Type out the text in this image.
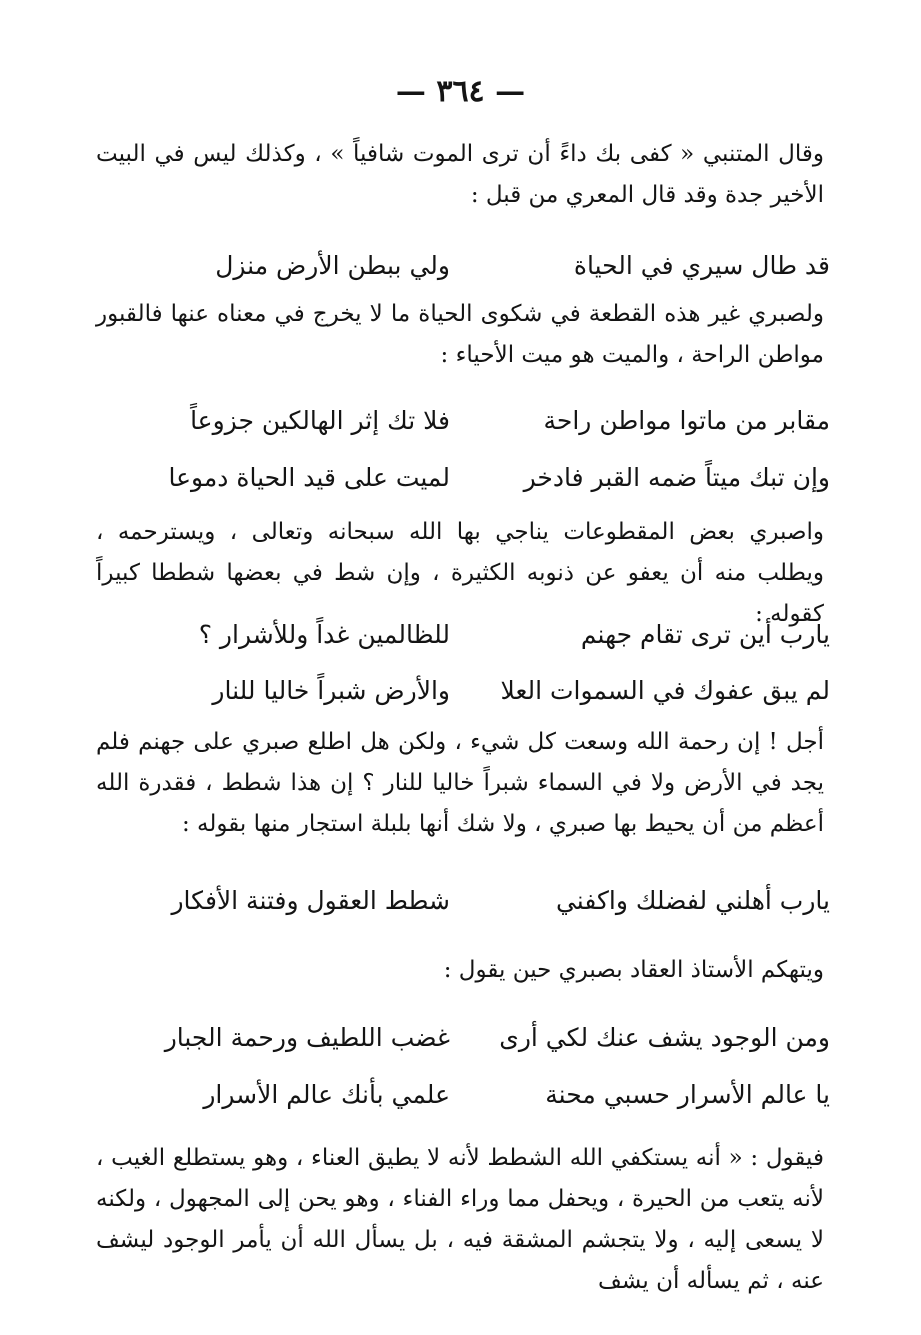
— ٣٦٤ —

وقال المتنبي « كفى بك داءً أن ترى الموت شافياً » ، وكذلك ليس في البيت الأخير جدة وقد قال المعري من قبل :

قد طال سيري في الحياة
ولي ببطن الأرض منزل

ولصبري غير هذه القطعة في شكوى الحياة ما لا يخرج في معناه عنها فالقبور مواطن الراحة ، والميت هو ميت الأحياء :

مقابر من ماتوا مواطن راحة
فلا تك إثر الهالكين جزوعاً
وإن تبك ميتاً ضمه القبر فادخر
لميت على قيد الحياة دموعا

واصبري بعض المقطوعات يناجي بها الله سبحانه وتعالى ، ويسترحمه ، ويطلب منه أن يعفو عن ذنوبه الكثيرة ، وإن شط في بعضها شططا كبيراً كقوله :

يارب أين ترى تقام جهنم
للظالمين غداً وللأشرار ؟
لم يبق عفوك في السموات العلا
والأرض شبراً خاليا للنار

أجل ! إن رحمة الله وسعت كل شيء ، ولكن هل اطلع صبري على جهنم فلم يجد في الأرض ولا في السماء شبراً خاليا للنار ؟ إن هذا شطط ، فقدرة الله أعظم من أن يحيط بها صبري ، ولا شك أنها بلبلة استجار منها بقوله :

يارب أهلني لفضلك واكفني
شطط العقول وفتنة الأفكار

ويتهكم الأستاذ العقاد بصبري حين يقول :

ومن الوجود يشف عنك لكي أرى
غضب اللطيف ورحمة الجبار
يا عالم الأسرار حسبي محنة
علمي بأنك عالم الأسرار

فيقول : « أنه يستكفي الله الشطط لأنه لا يطيق العناء ، وهو يستطلع الغيب ، لأنه يتعب من الحيرة ، ويحفل مما وراء الفناء ، وهو يحن إلى المجهول ، ولكنه لا يسعى إليه ، ولا يتجشم المشقة فيه ، بل يسأل الله أن يأمر الوجود ليشف عنه ، ثم يسأله أن يشف
